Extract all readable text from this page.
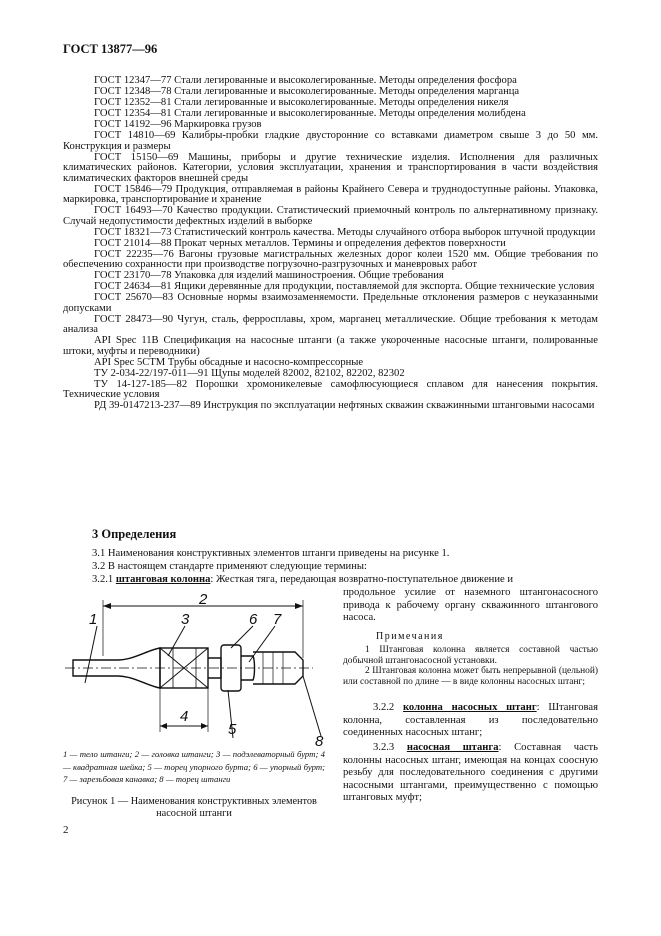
ГОСТ 13877—96

ГОСТ 12347—77 Стали легированные и высоколегированные. Методы определения фосфора

ГОСТ 12348—78 Стали легированные и высоколегированные. Методы определения марганца

ГОСТ 12352—81 Стали легированные и высоколегированные. Методы определения никеля

ГОСТ 12354—81 Стали легированные и высоколегированные. Методы определения молибдена

ГОСТ 14192—96 Маркировка грузов

ГОСТ 14810—69 Калибры-пробки гладкие двусторонние со вставками диаметром свыше 3 до 50 мм. Конструкция и размеры

ГОСТ 15150—69 Машины, приборы и другие технические изделия. Исполнения для различных климатических районов. Категории, условия эксплуатации, хранения и транспортирования в части воздействия климатических факторов внешней среды

ГОСТ 15846—79 Продукция, отправляемая в районы Крайнего Севера и труднодоступные районы. Упаковка, маркировка, транспортирование и хранение

ГОСТ 16493—70 Качество продукции. Статистический приемочный контроль по альтернативному признаку. Случай недопустимости дефектных изделий в выборке

ГОСТ 18321—73 Статистический контроль качества. Методы случайного отбора выборок штучной продукции

ГОСТ 21014—88 Прокат черных металлов. Термины и определения дефектов поверхности

ГОСТ 22235—76 Вагоны грузовые магистральных железных дорог колеи 1520 мм. Общие требования по обеспечению сохранности при производстве погрузочно-разгрузочных и маневровых работ

ГОСТ 23170—78 Упаковка для изделий машиностроения. Общие требования

ГОСТ 24634—81 Ящики деревянные для продукции, поставляемой для экспорта. Общие технические условия

ГОСТ 25670—83 Основные нормы взаимозаменяемости. Предельные отклонения размеров с неуказанными допусками

ГОСТ 28473—90 Чугун, сталь, ферросплавы, хром, марганец металлические. Общие требования к методам анализа

API Spec 11B Спецификация на насосные штанги (а также укороченные насосные штанги, полированные штоки, муфты и переводники)

API Spec 5CTM Трубы обсадные и насосно-компрессорные

ТУ 2-034-22/197-011—91 Щупы моделей 82002, 82102, 82202, 82302

ТУ 14-127-185—82 Порошки хромоникелевые самофлюсующиеся сплавом для нанесения покрытия. Технические условия

РД 39-0147213-237—89 Инструкция по эксплуатации нефтяных скважин скважинными штанговыми насосами

3 Определения
3.1 Наименования конструктивных элементов штанги приведены на рисунке 1.
3.2 В настоящем стандарте применяют следующие термины:
3.2.1 штанговая колонна: Жесткая тяга, передающая возвратно-поступательное движение и
продольное усилие от наземного штангонасосного привода к рабочему органу скважинного штангового насоса.
Примечания
1 Штанговая колонна является составной частью добычной штангонасосной установки.
2 Штанговая колонна может быть непрерывной (цельной) или составной по длине — в виде колонны насосных штанг;
3.2.2 колонна насосных штанг: Штанговая колонна, составленная из последовательно соединенных насосных штанг;
3.2.3 насосная штанга: Составная часть колонны насосных штанг, имеющая на концах соосную резьбу для последовательного соединения с другими насосными штангами, преимущественно с помощью штанговых муфт;
1
2
3
4
5
6 7
8
1 — тело штанги; 2 — головка штанги; 3 — подэлеваторный бурт; 4 — квадратная шейка; 5 — торец упорного бурта; 6 — упорный бурт; 7 — зарезьбовая канавка; 8 — торец штанги
Рисунок 1 — Наименования конструктивных элементов насосной штанги
2
